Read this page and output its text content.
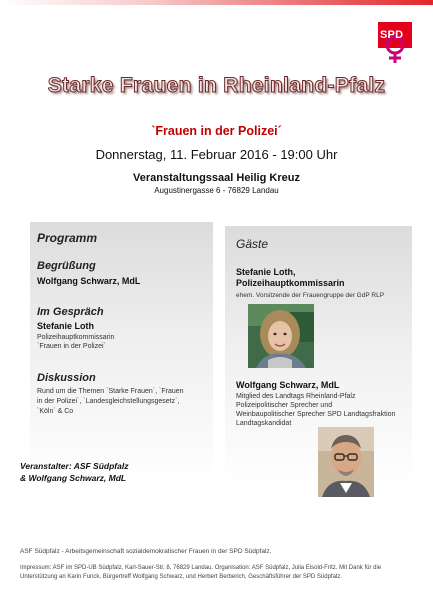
SPD
Starke Frauen in Rheinland-Pfalz
`Frauen in der Polizei´
Donnerstag, 11. Februar 2016 - 19:00 Uhr
Veranstaltungssaal Heilig Kreuz
Augustinergasse 6 - 76829 Landau
Programm
Begrüßung
Wolfgang Schwarz, MdL
Im Gespräch
Stefanie Loth
Polizeihauptkommissarin
`Frauen in der Polizei`
Diskussion
Rund um die Themen `Starke Frauen`, `Frauen
in der Polizei`, `Landesgleichstellungsgesetz`,
`Köln` & Co
Veranstalter: ASF Südpfalz
& Wolfgang Schwarz, MdL
Gäste
Stefanie Loth,
Polizeihauptkommissarin
ehem. Vorsitzende der Frauengruppe der GdP RLP
Wolfgang Schwarz, MdL
Mitglied des Landtags Rheinland-Pfalz
Polizeipolitischer Sprecher und
Weinbaupolitischer Sprecher SPD Landtagsfraktion
Landtagskandidat
ASF Südpfalz - Arbeitsgemeinschaft sozialdemokratischer Frauen in der SPD Südpfalz.
Impressum: ASF im SPD-UB Südpfalz, Karl-Sauer-Str. 8, 76829 Landau. Organisation: ASF Südpfalz, Julia Eisold-Fritz. Mit Dank für die
Unterstützung an Karin Funck, Bürgertreff Wolfgang Schwarz, und Herbert Berberich, Geschäftsführer der SPD Südpfalz.
